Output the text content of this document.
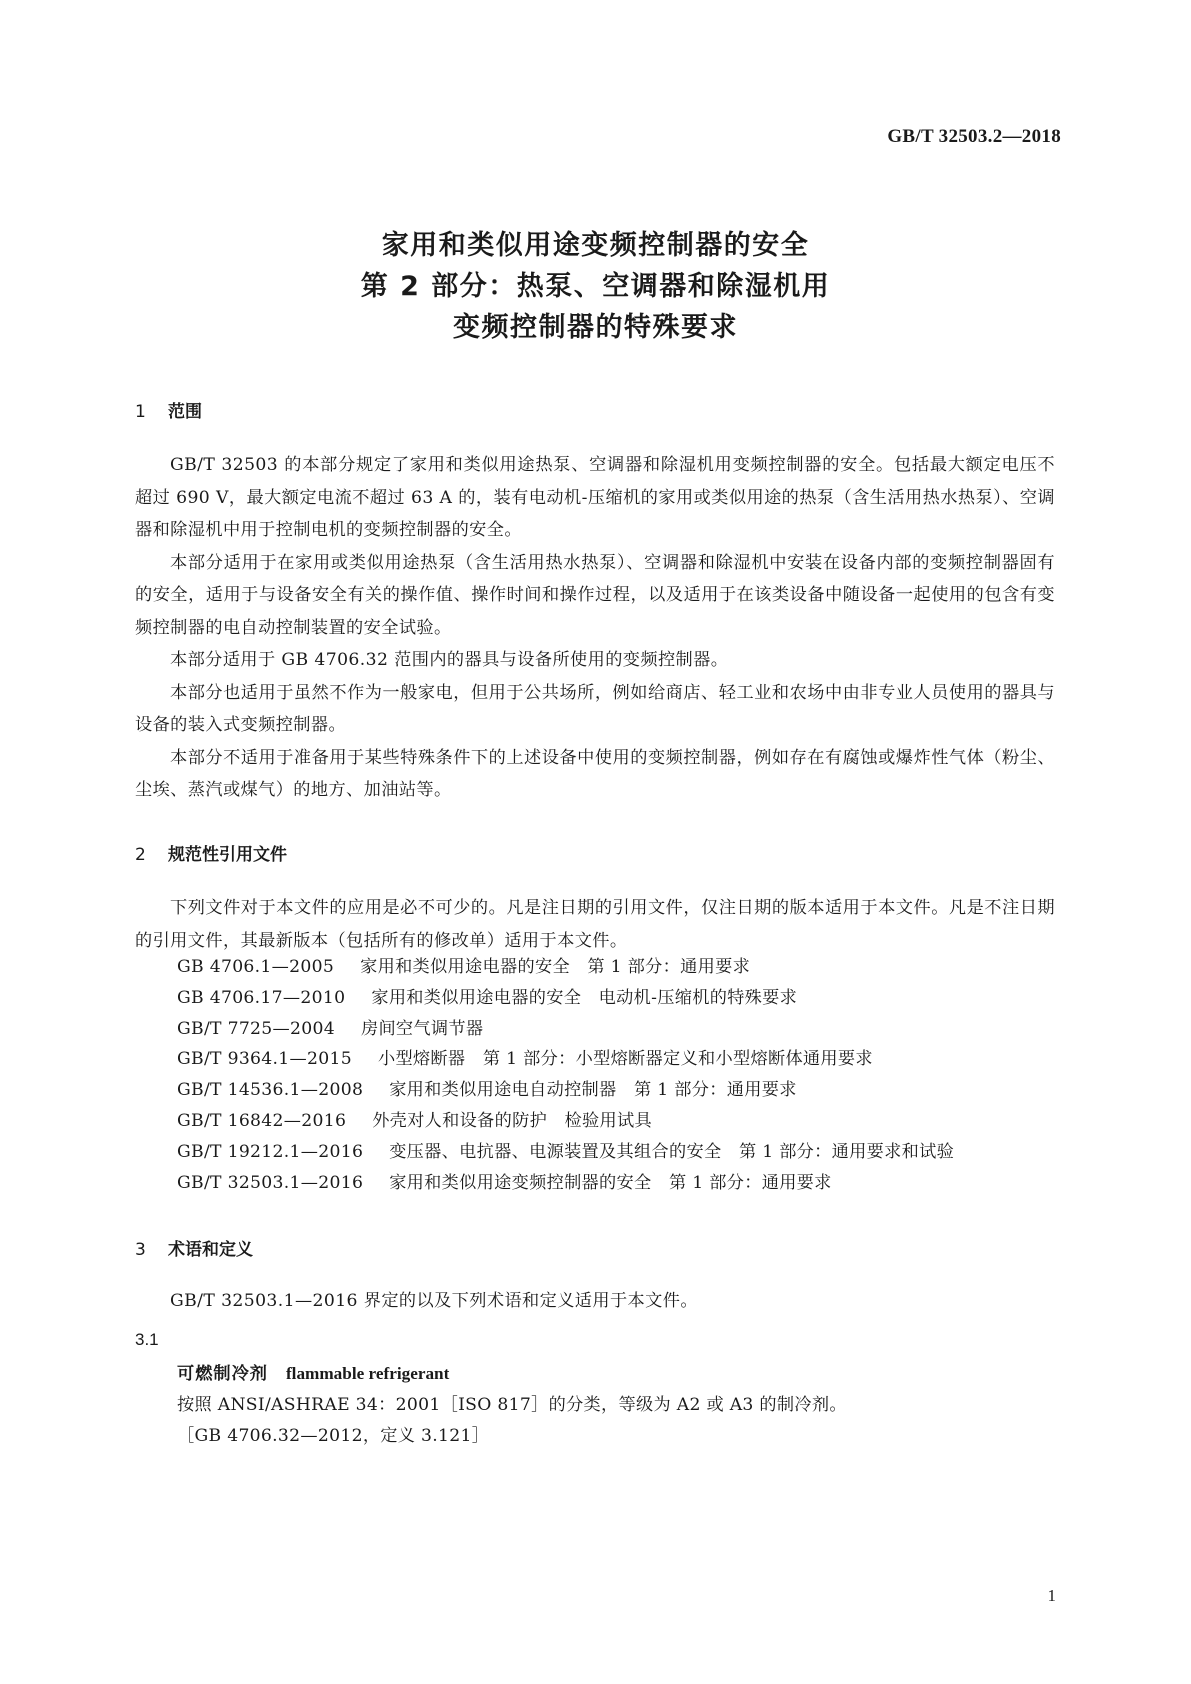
GB/T 32503.2—2018
家用和类似用途变频控制器的安全
第 2 部分：热泵、空调器和除湿机用
变频控制器的特殊要求
1 范围

GB/T 32503 的本部分规定了家用和类似用途热泵、空调器和除湿机用变频控制器的安全。包括最大额定电压不超过 690 V，最大额定电流不超过 63 A 的，装有电动机-压缩机的家用或类似用途的热泵（含生活用热水热泵）、空调器和除湿机中用于控制电机的变频控制器的安全。

本部分适用于在家用或类似用途热泵（含生活用热水热泵）、空调器和除湿机中安装在设备内部的变频控制器固有的安全，适用于与设备安全有关的操作值、操作时间和操作过程，以及适用于在该类设备中随设备一起使用的包含有变频控制器的电自动控制装置的安全试验。

本部分适用于 GB 4706.32 范围内的器具与设备所使用的变频控制器。

本部分也适用于虽然不作为一般家电，但用于公共场所，例如给商店、轻工业和农场中由非专业人员使用的器具与设备的装入式变频控制器。

本部分不适用于准备用于某些特殊条件下的上述设备中使用的变频控制器，例如存在有腐蚀或爆炸性气体（粉尘、尘埃、蒸汽或煤气）的地方、加油站等。

2 规范性引用文件

下列文件对于本文件的应用是必不可少的。凡是注日期的引用文件，仅注日期的版本适用于本文件。凡是不注日期的引用文件，其最新版本（包括所有的修改单）适用于本文件。

GB 4706.1—2005 家用和类似用途电器的安全　第 1 部分：通用要求
GB 4706.17—2010 家用和类似用途电器的安全　电动机-压缩机的特殊要求
GB/T 7725—2004 房间空气调节器
GB/T 9364.1—2015 小型熔断器　第 1 部分：小型熔断器定义和小型熔断体通用要求
GB/T 14536.1—2008 家用和类似用途电自动控制器　第 1 部分：通用要求
GB/T 16842—2016 外壳对人和设备的防护　检验用试具
GB/T 19212.1—2016 变压器、电抗器、电源装置及其组合的安全　第 1 部分：通用要求和试验
GB/T 32503.1—2016 家用和类似用途变频控制器的安全　第 1 部分：通用要求
3 术语和定义

GB/T 32503.1—2016 界定的以及下列术语和定义适用于本文件。

3.1
可燃制冷剂 flammable refrigerant
按照 ANSI/ASHRAE 34：2001［ISO 817］的分类，等级为 A2 或 A3 的制冷剂。
［GB 4706.32—2012，定义 3.121］
1
